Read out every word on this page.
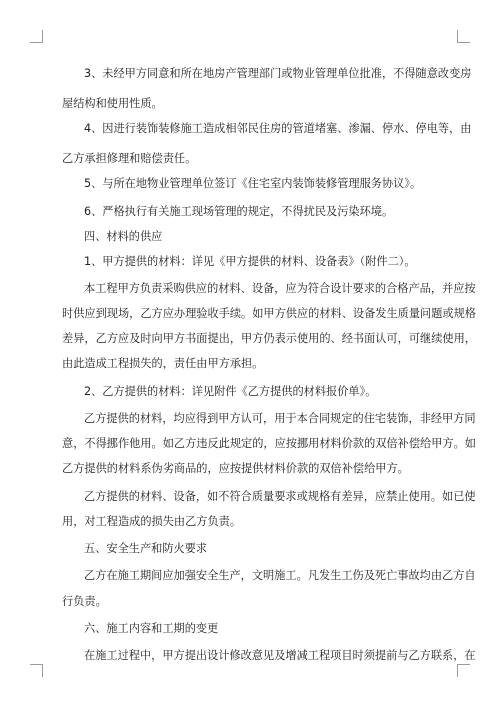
3、未经甲方同意和所在地房产管理部门或物业管理单位批准，不得随意改变房
屋结构和使用性质。
4、因进行装饰装修施工造成相邻民住房的管道堵塞、渗漏、停水、停电等，由
乙方承担修理和赔偿责任。
5、与所在地物业管理单位签订《住宅室内装饰装修管理服务协议》。
6、严格执行有关施工现场管理的规定，不得扰民及污染环境。
四、材料的供应
1、甲方提供的材料：详见《甲方提供的材料、设备表》（附件二）。
本工程甲方负责采购供应的材料、设备，应为符合设计要求的合格产品，并应按
时供应到现场，乙方应办理验收手续。如甲方供应的材料、设备发生质量问题或规格
差异，乙方应及时向甲方书面提出，甲方仍表示使用的、经书面认可，可继续使用，
由此造成工程损失的，责任由甲方承担。
2、乙方提供的材料：详见附件《乙方提供的材料报价单》。
乙方提供的材料，均应得到甲方认可，用于本合同规定的住宅装饰，非经甲方同
意，不得挪作他用。如乙方违反此规定的，应按挪用材料价款的双倍补偿给甲方。如
乙方提供的材料系伪劣商品的，应按提供材料价款的双倍补偿给甲方。
乙方提供的材料、设备，如不符合质量要求或规格有差异，应禁止使用。如已使
用，对工程造成的损失由乙方负责。
五、安全生产和防火要求
乙方在施工期间应加强安全生产，文明施工。凡发生工伤及死亡事故均由乙方自
行负责。
六、施工内容和工期的变更
在施工过程中，甲方提出设计修改意见及增减工程项目时须提前与乙方联系，在
